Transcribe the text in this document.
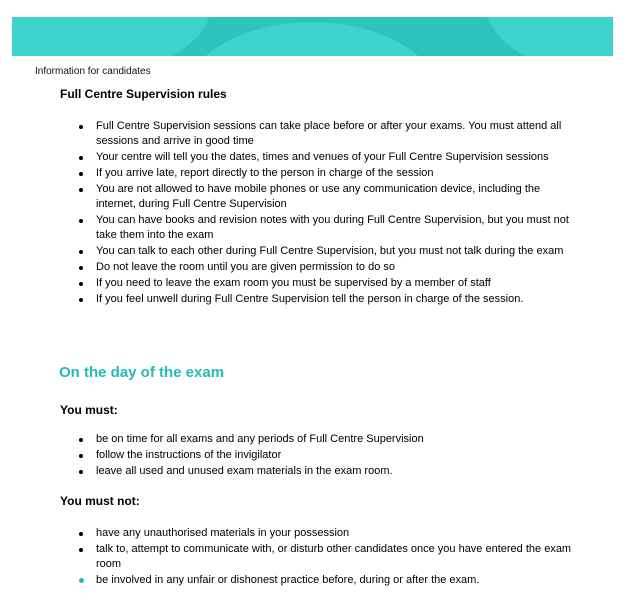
Information for candidates
Full Centre Supervision rules
Full Centre Supervision sessions can take place before or after your exams. You must attend all sessions and arrive in good time
Your centre will tell you the dates, times and venues of your Full Centre Supervision sessions
If you arrive late, report directly to the person in charge of the session
You are not allowed to have mobile phones or use any communication device, including the internet, during Full Centre Supervision
You can have books and revision notes with you during Full Centre Supervision, but you must not take them into the exam
You can talk to each other during Full Centre Supervision, but you must not talk during the exam
Do not leave the room until you are given permission to do so
If you need to leave the exam room you must be supervised by a member of staff
If you feel unwell during Full Centre Supervision tell the person in charge of the session.
On the day of the exam
You must:
be on time for all exams and any periods of Full Centre Supervision
follow the instructions of the invigilator
leave all used and unused exam materials in the exam room.
You must not:
have any unauthorised materials in your possession
talk to, attempt to communicate with, or disturb other candidates once you have entered the exam room
be involved in any unfair or dishonest practice before, during or after the exam.
